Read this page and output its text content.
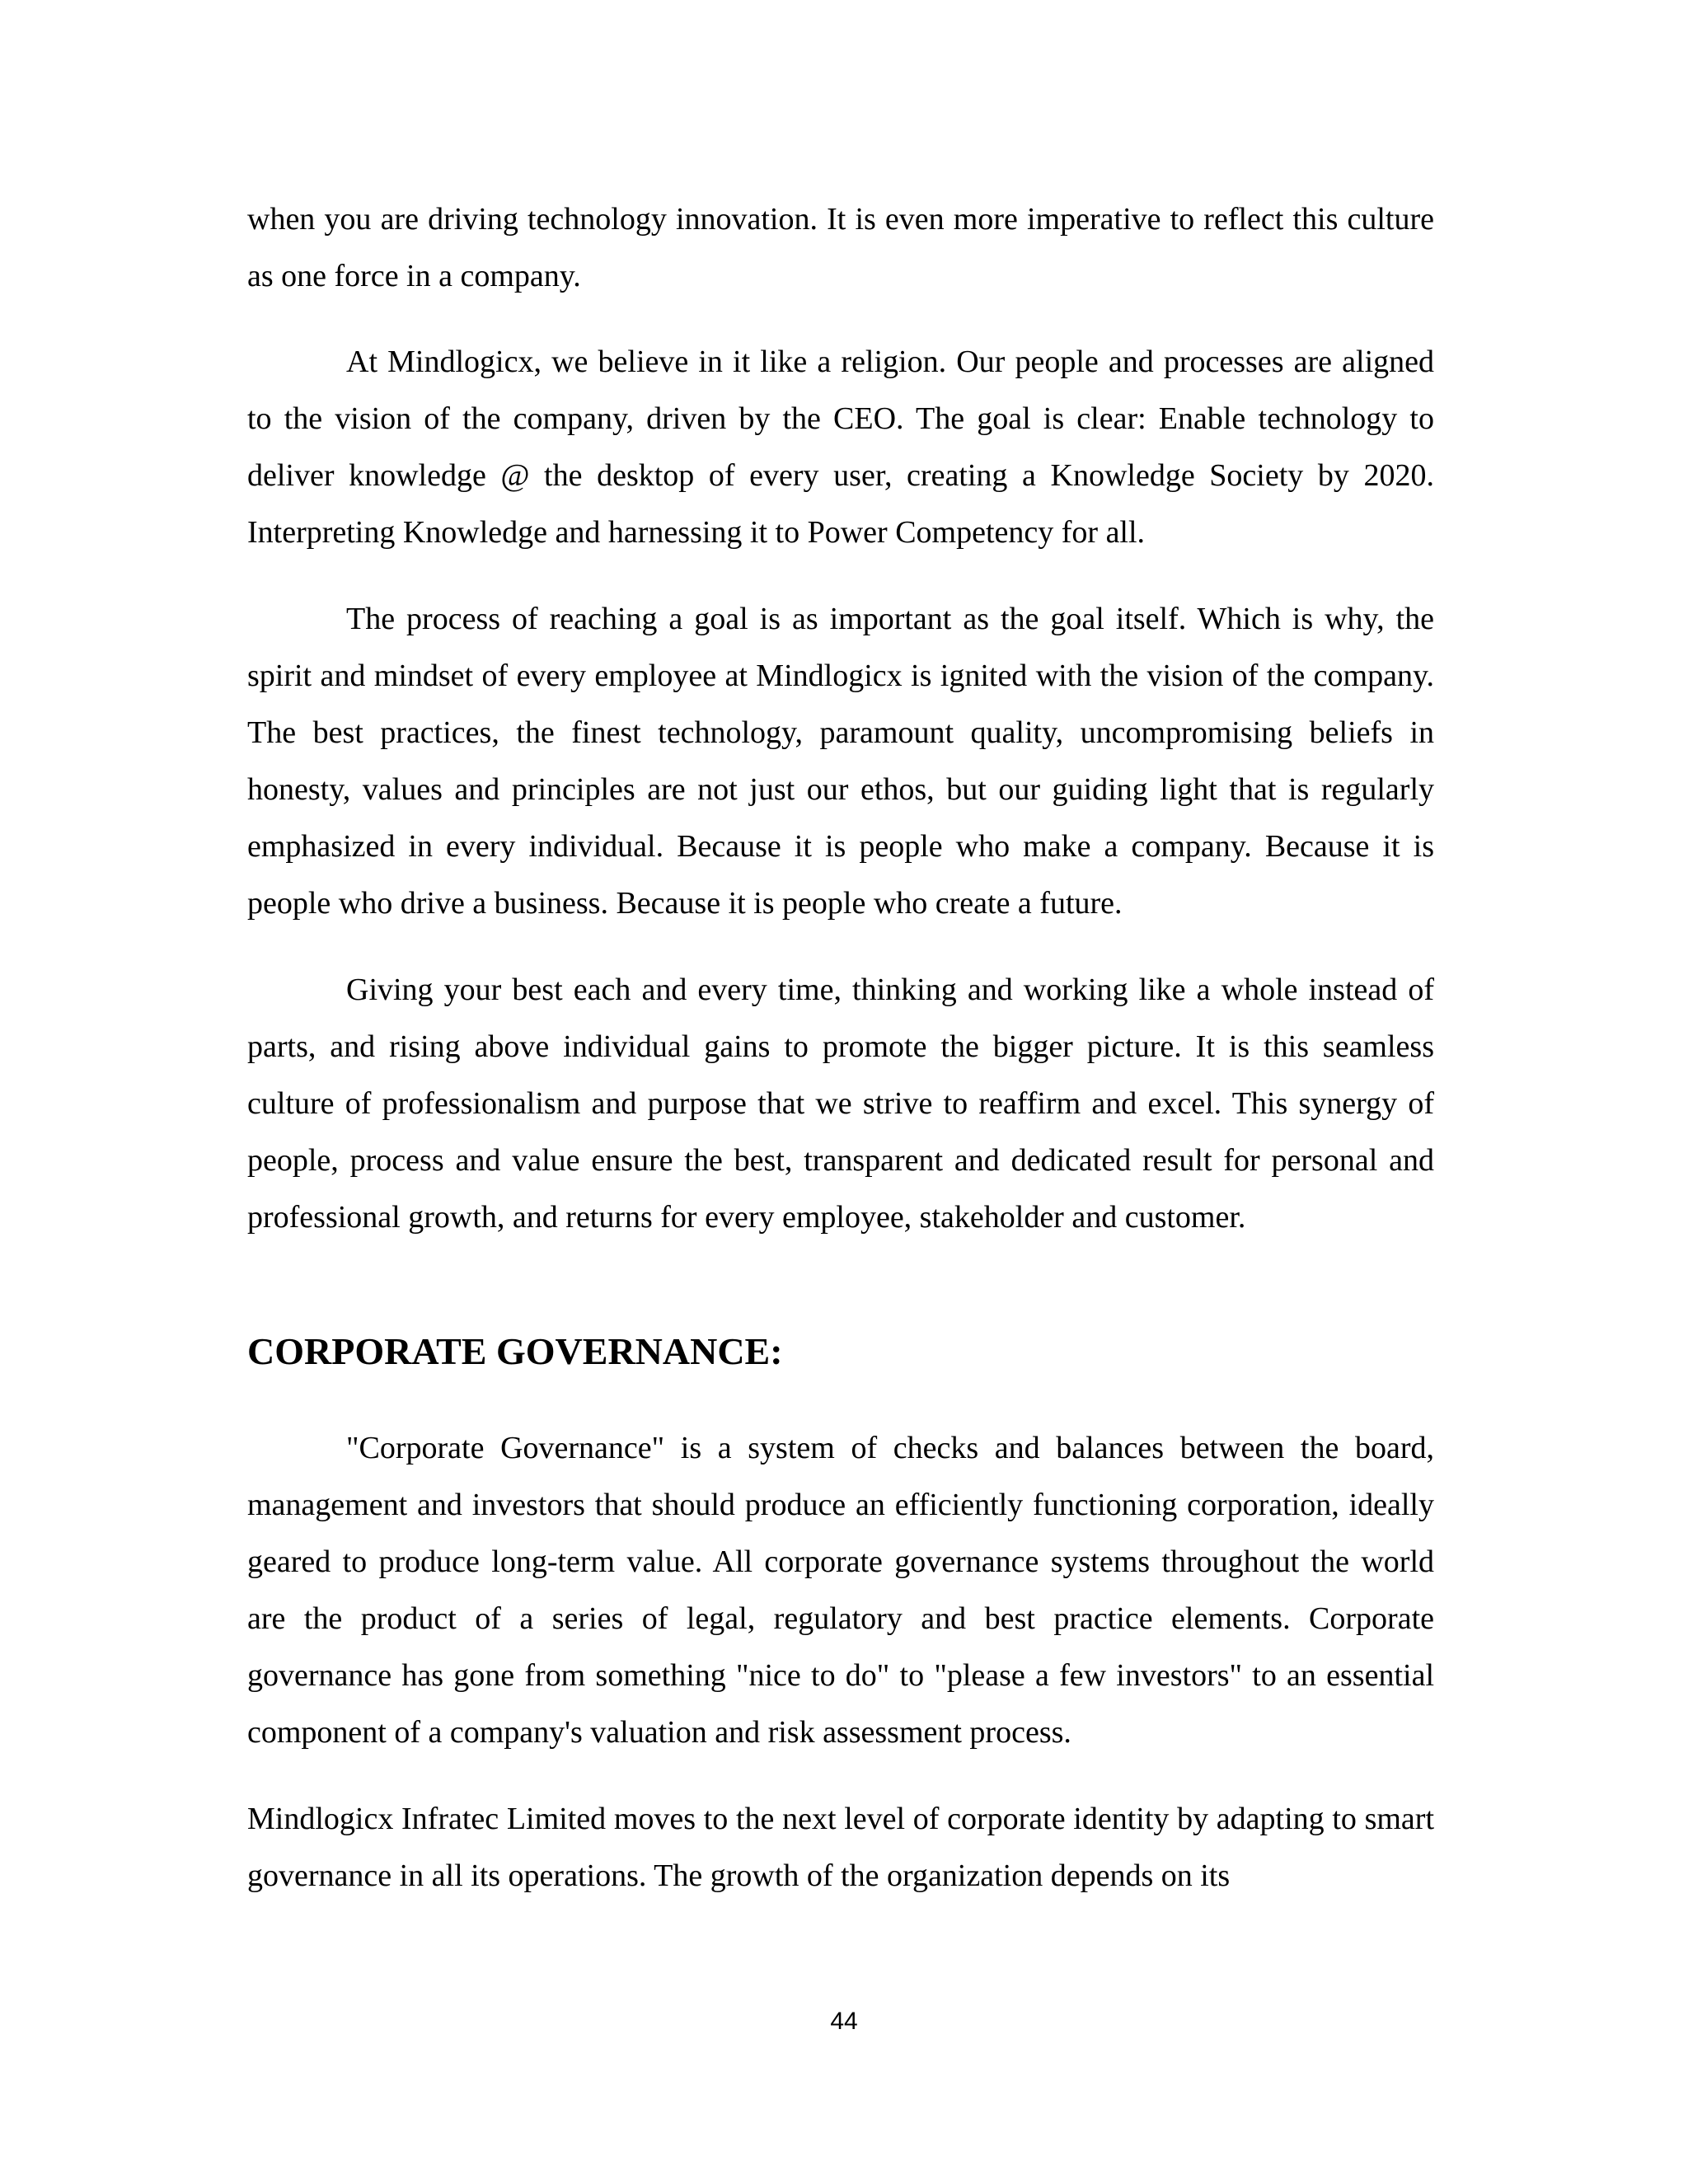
when you are driving technology innovation. It is even more imperative to reflect this culture as one force in a company.

At Mindlogicx, we believe in it like a religion. Our people and processes are aligned to the vision of the company, driven by the CEO. The goal is clear: Enable technology to deliver knowledge @ the desktop of every user, creating a Knowledge Society by 2020. Interpreting Knowledge and harnessing it to Power Competency for all.

The process of reaching a goal is as important as the goal itself. Which is why, the spirit and mindset of every employee at Mindlogicx is ignited with the vision of the company. The best practices, the finest technology, paramount quality, uncompromising beliefs in honesty, values and principles are not just our ethos, but our guiding light that is regularly emphasized in every individual. Because it is people who make a company. Because it is people who drive a business. Because it is people who create a future.

Giving your best each and every time, thinking and working like a whole instead of parts, and rising above individual gains to promote the bigger picture. It is this seamless culture of professionalism and purpose that we strive to reaffirm and excel. This synergy of people, process and value ensure the best, transparent and dedicated result for personal and professional growth, and returns for every employee, stakeholder and customer.

CORPORATE GOVERNANCE:

"Corporate Governance" is a system of checks and balances between the board, management and investors that should produce an efficiently functioning corporation, ideally geared to produce long-term value. All corporate governance systems throughout the world are the product of a series of legal, regulatory and best practice elements. Corporate governance has gone from something "nice to do" to "please a few investors" to an essential component of a company's valuation and risk assessment process.

Mindlogicx Infratec Limited moves to the next level of corporate identity by adapting to smart governance in all its operations. The growth of the organization depends on its

44
